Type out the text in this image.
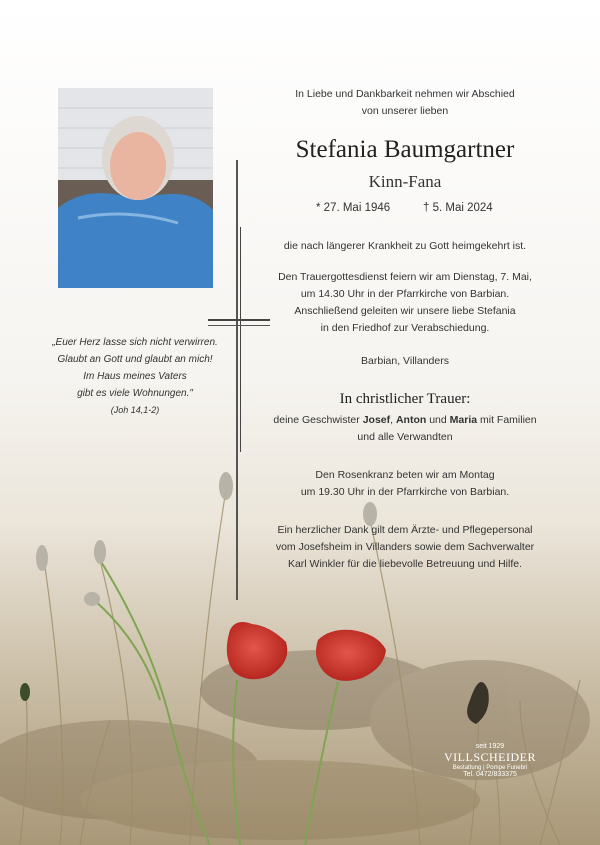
In Liebe und Dankbarkeit nehmen wir Abschied
von unserer lieben
Stefania Baumgartner
Kinn-Fana
* 27. Mai 1946	† 5. Mai 2024
die nach längerer Krankheit zu Gott heimgekehrt ist.
Den Trauergottesdienst feiern wir am Dienstag, 7. Mai,
um 14.30 Uhr in der Pfarrkirche von Barbian.
Anschließend geleiten wir unsere liebe Stefania
in den Friedhof zur Verabschiedung.
Barbian, Villanders
In christlicher Trauer:
deine Geschwister Josef, Anton und Maria mit Familien
und alle Verwandten
Den Rosenkranz beten wir am Montag
um 19.30 Uhr in der Pfarrkirche von Barbian.
Ein herzlicher Dank gilt dem Ärzte- und Pflegepersonal
vom Josefsheim in Villanders sowie dem Sachverwalter
Karl Winkler für die liebevolle Betreuung und Hilfe.
„Euer Herz lasse sich nicht verwirren.
Glaubt an Gott und glaubt an mich!
Im Haus meines Vaters
gibt es viele Wohnungen."
(Joh 14,1-2)
seit 1929
VILLSCHEIDER
Bestattung | Pompe Funebri
Tel. 0472/833375
